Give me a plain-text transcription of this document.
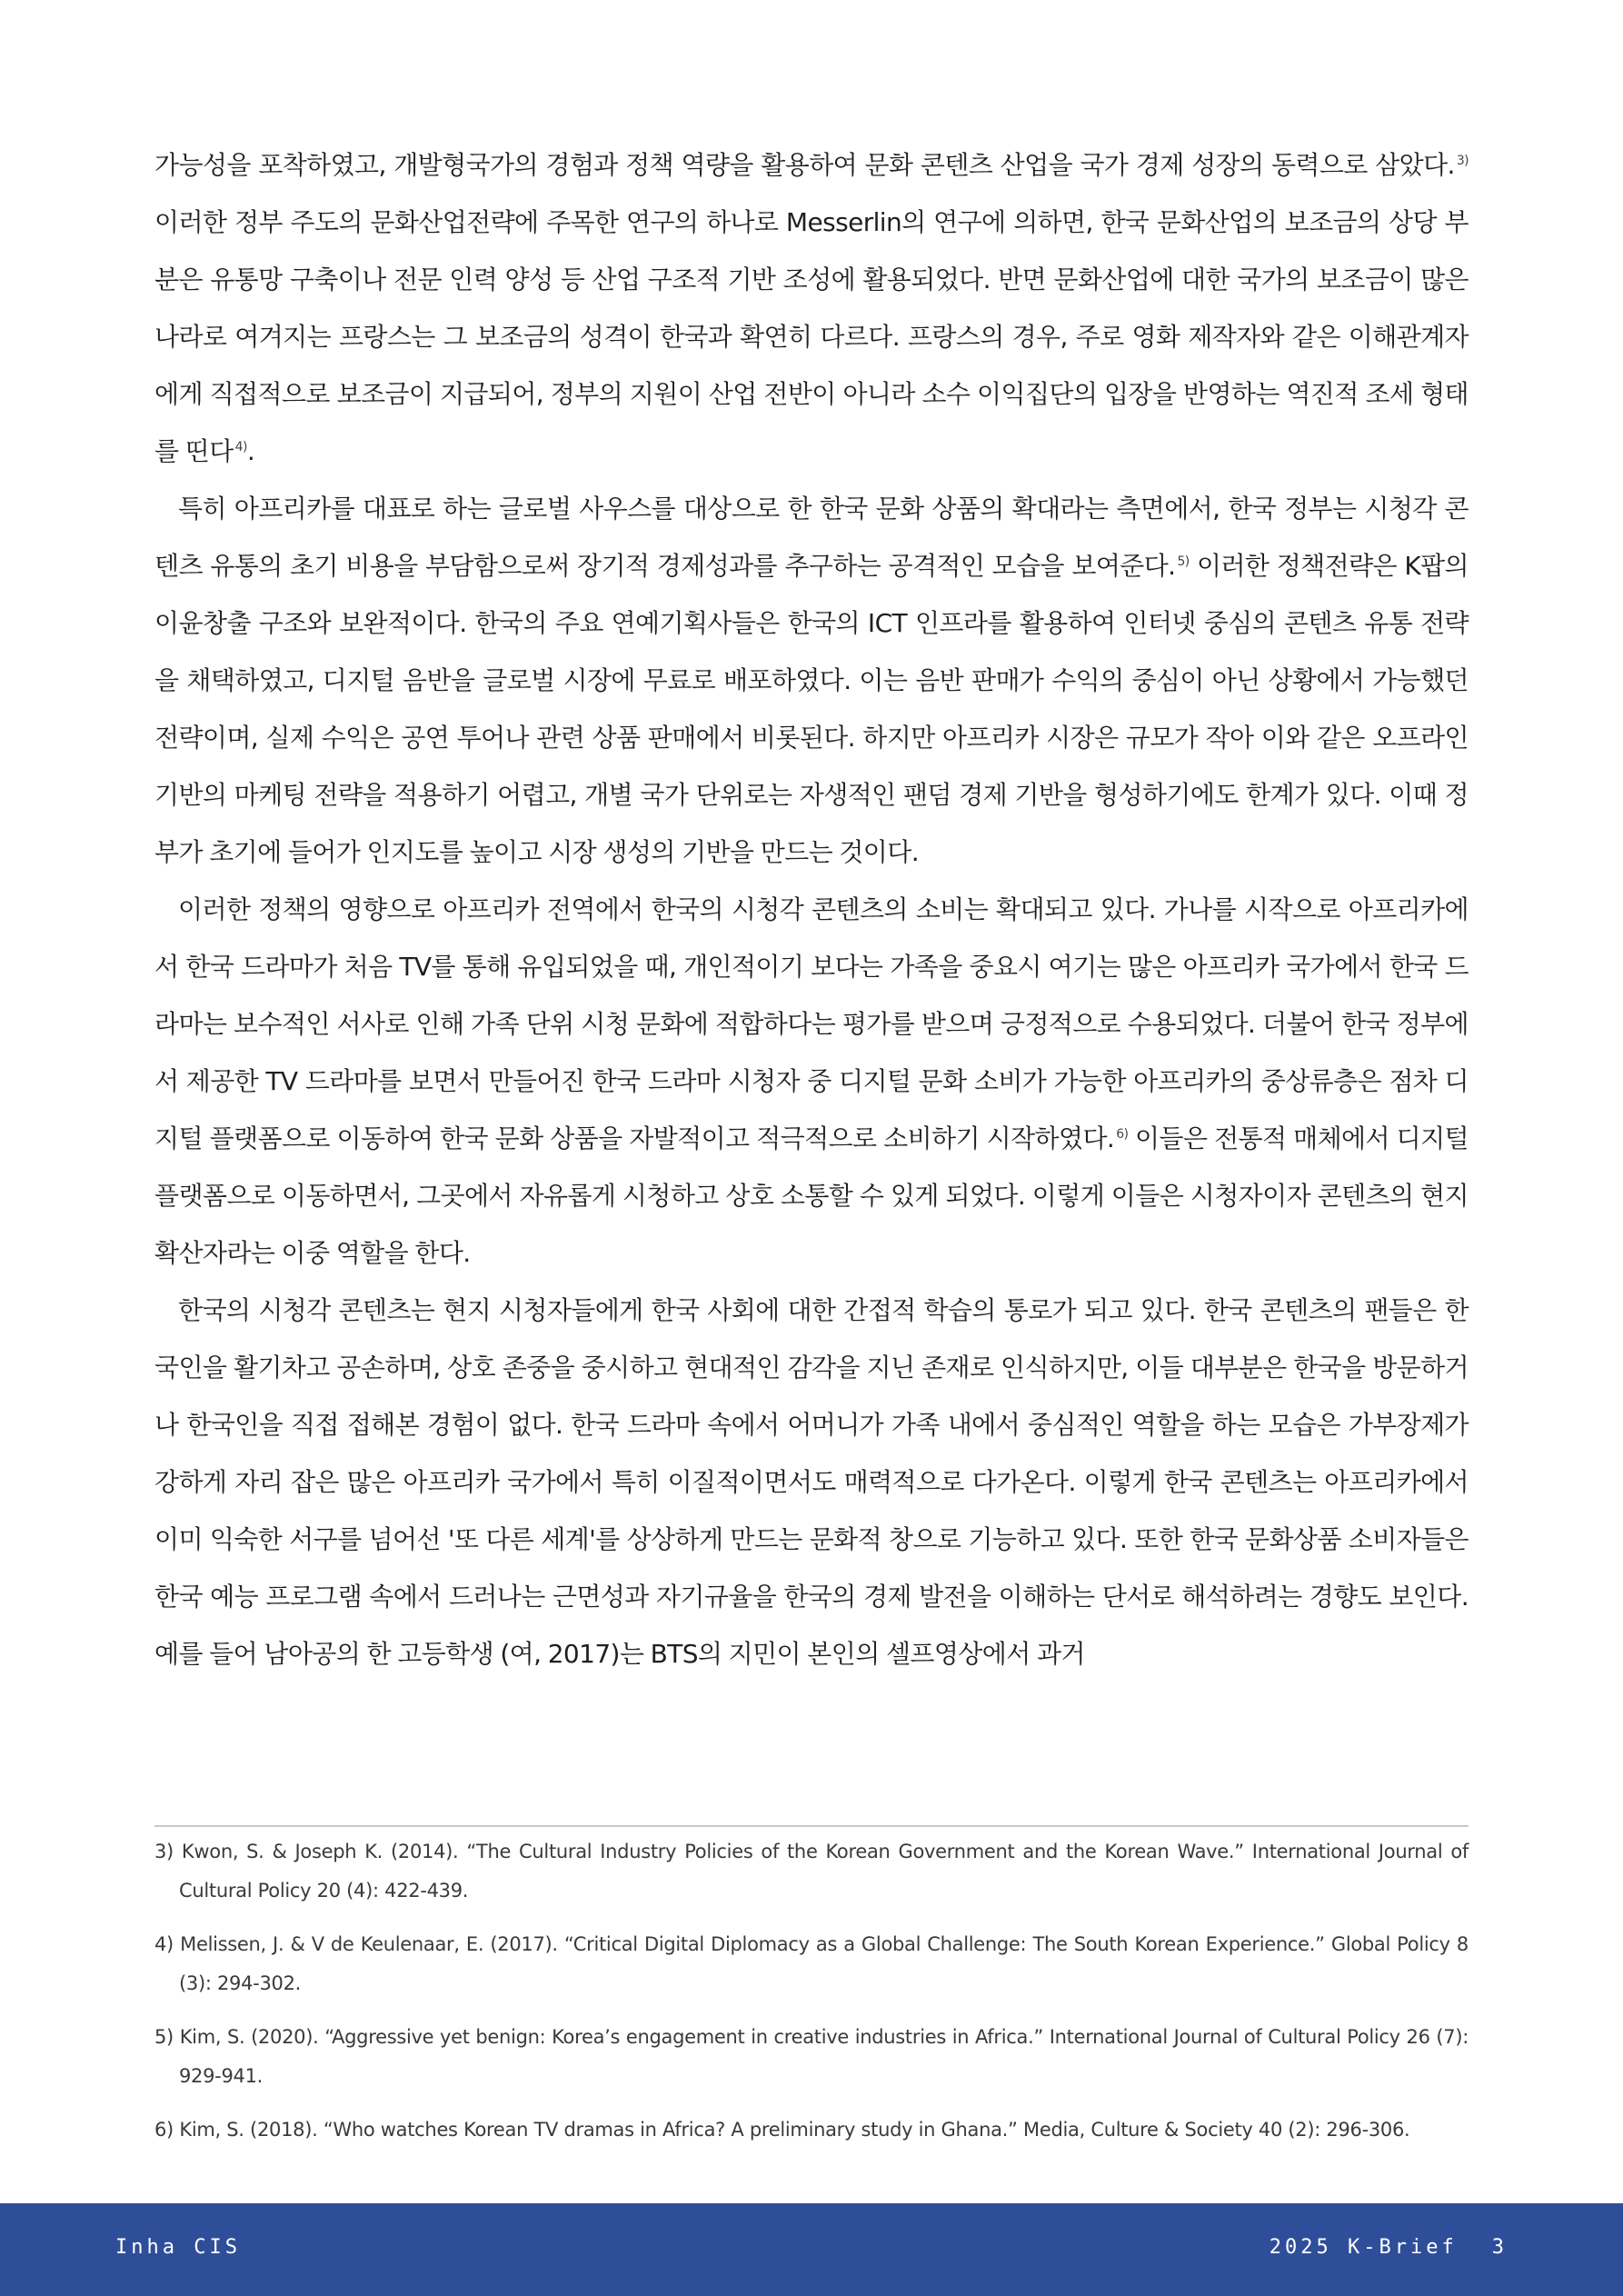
가능성을 포착하였고, 개발형국가의 경험과 정책 역량을 활용하여 문화 콘텐츠 산업을 국가 경제 성장의 동력으로 삼았다. $^{3)}$ 이러한 정부 주도의 문화산업전략에 주목한 연구의 하나로 Messerlin의 연구에 의하면, 한국 문화산업의 보조금의 상당 부분은 유통망 구축이나 전문 인력 양성 등 산업 구조적 기반 조성에 활용되었다. 반면 문화산업에 대한 국가의 보조금이 많은 나라로 여겨지는 프랑스는 그 보조금의 성격이 한국과 확연히 다르다. 프랑스의 경우, 주로 영화 제작자와 같은 이해관계자에게 직접적으로 보조금이 지급되어, 정부의 지원이 산업 전반이 아니라 소수 이익집단의 입장을 반영하는 역진적 조세 형태를 띤다 $^{4)}$.

특히 아프리카를 대표로 하는 글로벌 사우스를 대상으로 한 한국 문화 상품의 확대라는 측면에서, 한국 정부는 시청각 콘텐츠 유통의 초기 비용을 부담함으로써 장기적 경제성과를 추구하는 공격적인 모습을 보여준다. $^{5)}$ 이러한 정책전략은 K팝의 이윤창출 구조와 보완적이다. 한국의 주요 연예기획사들은 한국의 ICT 인프라를 활용하여 인터넷 중심의 콘텐츠 유통 전략을 채택하였고, 디지털 음반을 글로벌 시장에 무료로 배포하였다. 이는 음반 판매가 수익의 중심이 아닌 상황에서 가능했던 전략이며, 실제 수익은 공연 투어나 관련 상품 판매에서 비롯된다. 하지만 아프리카 시장은 규모가 작아 이와 같은 오프라인 기반의 마케팅 전략을 적용하기 어렵고, 개별 국가 단위로는 자생적인 팬덤 경제 기반을 형성하기에도 한계가 있다. 이때 정부가 초기에 들어가 인지도를 높이고 시장 생성의 기반을 만드는 것이다.

이러한 정책의 영향으로 아프리카 전역에서 한국의 시청각 콘텐츠의 소비는 확대되고 있다. 가나를 시작으로 아프리카에서 한국 드라마가 처음 TV를 통해 유입되었을 때, 개인적이기 보다는 가족을 중요시 여기는 많은 아프리카 국가에서 한국 드라마는 보수적인 서사로 인해 가족 단위 시청 문화에 적합하다는 평가를 받으며 긍정적으로 수용되었다. 더불어 한국 정부에서 제공한 TV 드라마를 보면서 만들어진 한국 드라마 시청자 중 디지털 문화 소비가 가능한 아프리카의 중상류층은 점차 디지털 플랫폼으로 이동하여 한국 문화 상품을 자발적이고 적극적으로 소비하기 시작하였다. $^{6)}$ 이들은 전통적 매체에서 디지털 플랫폼으로 이동하면서, 그곳에서 자유롭게 시청하고 상호 소통할 수 있게 되었다. 이렇게 이들은 시청자이자 콘텐츠의 현지 확산자라는 이중 역할을 한다.

한국의 시청각 콘텐츠는 현지 시청자들에게 한국 사회에 대한 간접적 학습의 통로가 되고 있다. 한국 콘텐츠의 팬들은 한국인을 활기차고 공손하며, 상호 존중을 중시하고 현대적인 감각을 지닌 존재로 인식하지만, 이들 대부분은 한국을 방문하거나 한국인을 직접 접해본 경험이 없다. 한국 드라마 속에서 어머니가 가족 내에서 중심적인 역할을 하는 모습은 가부장제가 강하게 자리 잡은 많은 아프리카 국가에서 특히 이질적이면서도 매력적으로 다가온다. 이렇게 한국 콘텐츠는 아프리카에서 이미 익숙한 서구를 넘어선 '또 다른 세계'를 상상하게 만드는 문화적 창으로 기능하고 있다. 또한 한국 문화상품 소비자들은 한국 예능 프로그램 속에서 드러나는 근면성과 자기규율을 한국의 경제 발전을 이해하는 단서로 해석하려는 경향도 보인다. 예를 들어 남아공의 한 고등학생 (여, 2017)는 BTS의 지민이 본인의 셀프영상에서 과거

3) Kwon, S. & Joseph K. (2014). “The Cultural Industry Policies of the Korean Government and the Korean Wave.” International Journal of Cultural Policy 20 (4): 422-439.
4) Melissen, J. & V de Keulenaar, E. (2017). “Critical Digital Diplomacy as a Global Challenge: The South Korean Experience.” Global Policy 8 (3): 294-302.
5) Kim, S. (2020). “Aggressive yet benign: Korea’s engagement in creative industries in Africa.” International Journal of Cultural Policy 26 (7): 929-941.
6) Kim, S. (2018). “Who watches Korean TV dramas in Africa? A preliminary study in Ghana.” Media, Culture & Society 40 (2): 296-306.
Inha CIS	2025 K-Brief 3
